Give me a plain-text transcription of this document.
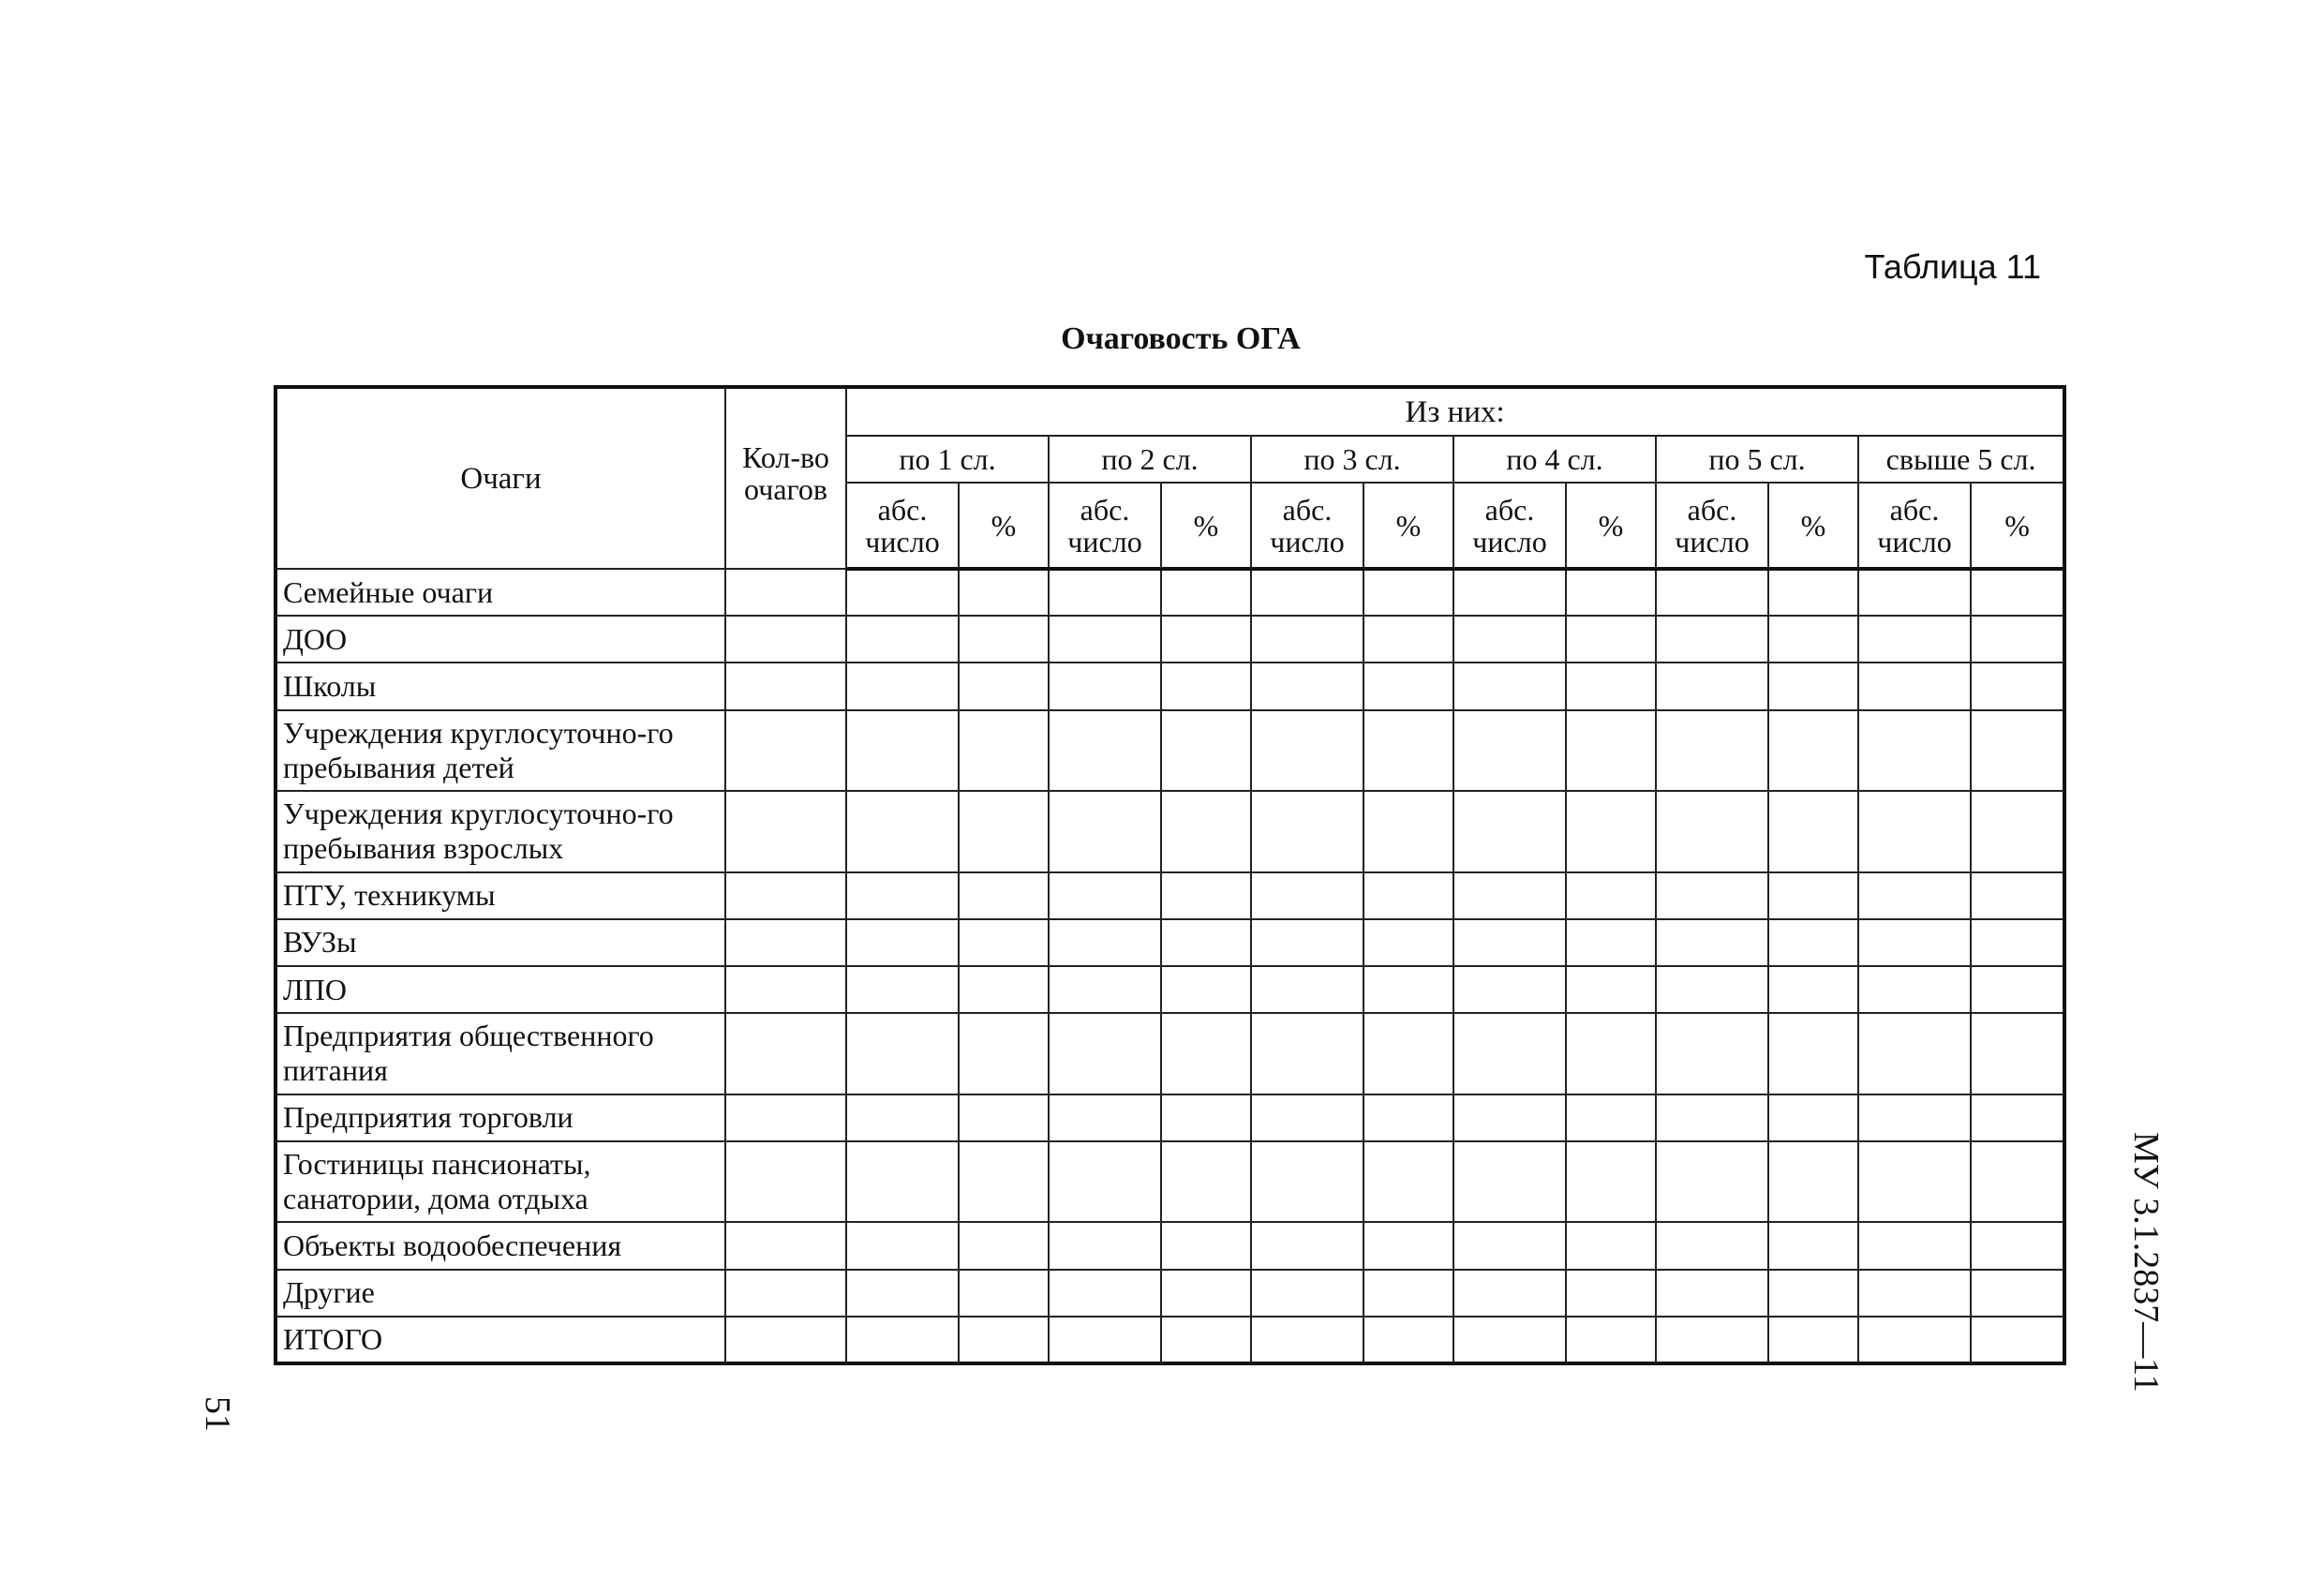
Таблица 11
Очаговость ОГА
Очаги	Кол-во очагов	Из них:											
		по 1 сл.		по 2 сл.		по 3 сл.		по 4 сл.		по 5 сл.		свыше 5 сл.	
		абс. число	%	абс. число	%	абс. число	%	абс. число	%	абс. число	%	абс. число	%
Семейные очаги													
ДОО													
Школы													
Учреждения круглосуточно-го пребывания детей													
Учреждения круглосуточно-го пребывания взрослых													
ПТУ, техникумы													
ВУЗы													
ЛПО													
Предприятия общественного питания													
Предприятия торговли													
Гостиницы пансионаты, санатории, дома отдыха													
Объекты водообеспечения													
Другие													
ИТОГО														МУ 3.1.2837—11
51
